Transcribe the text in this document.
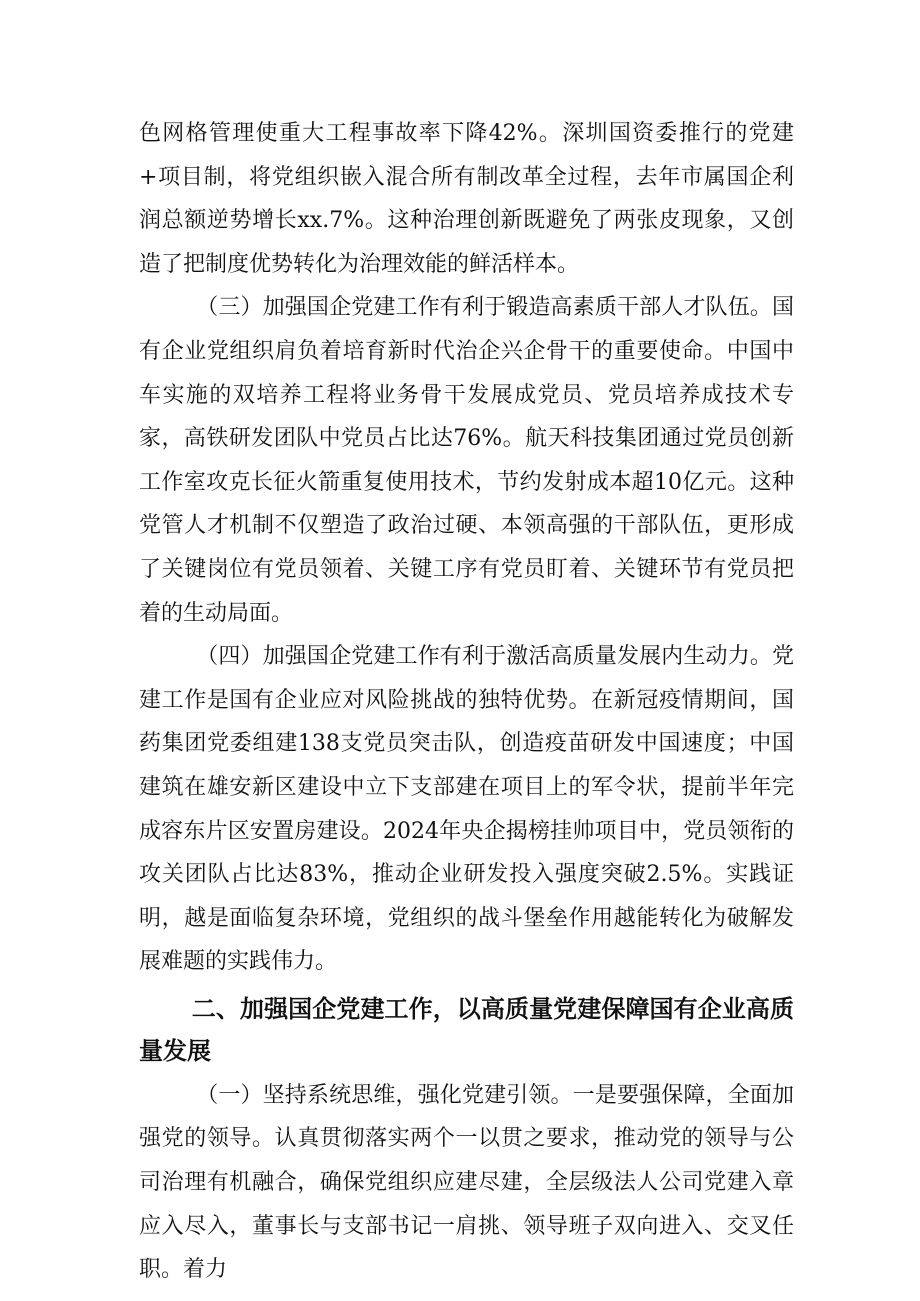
色网格管理使重大工程事故率下降42%。深圳国资委推行的党建+项目制，将党组织嵌入混合所有制改革全过程，去年市属国企利润总额逆势增长xx.7%。这种治理创新既避免了两张皮现象，又创造了把制度优势转化为治理效能的鲜活样本。

（三）加强国企党建工作有利于锻造高素质干部人才队伍。国有企业党组织肩负着培育新时代治企兴企骨干的重要使命。中国中车实施的双培养工程将业务骨干发展成党员、党员培养成技术专家，高铁研发团队中党员占比达76%。航天科技集团通过党员创新工作室攻克长征火箭重复使用技术，节约发射成本超10亿元。这种党管人才机制不仅塑造了政治过硬、本领高强的干部队伍，更形成了关键岗位有党员领着、关键工序有党员盯着、关键环节有党员把着的生动局面。

（四）加强国企党建工作有利于激活高质量发展内生动力。党建工作是国有企业应对风险挑战的独特优势。在新冠疫情期间，国药集团党委组建138支党员突击队，创造疫苗研发中国速度；中国建筑在雄安新区建设中立下支部建在项目上的军令状，提前半年完成容东片区安置房建设。2024年央企揭榜挂帅项目中，党员领衔的攻关团队占比达83%，推动企业研发投入强度突破2.5%。实践证明，越是面临复杂环境，党组织的战斗堡垒作用越能转化为破解发展难题的实践伟力。

二、加强国企党建工作，以高质量党建保障国有企业高质量发展

（一）坚持系统思维，强化党建引领。一是要强保障，全面加强党的领导。认真贯彻落实两个一以贯之要求，推动党的领导与公司治理有机融合，确保党组织应建尽建，全层级法人公司党建入章应入尽入，董事长与支部书记一肩挑、领导班子双向进入、交叉任职。着力
